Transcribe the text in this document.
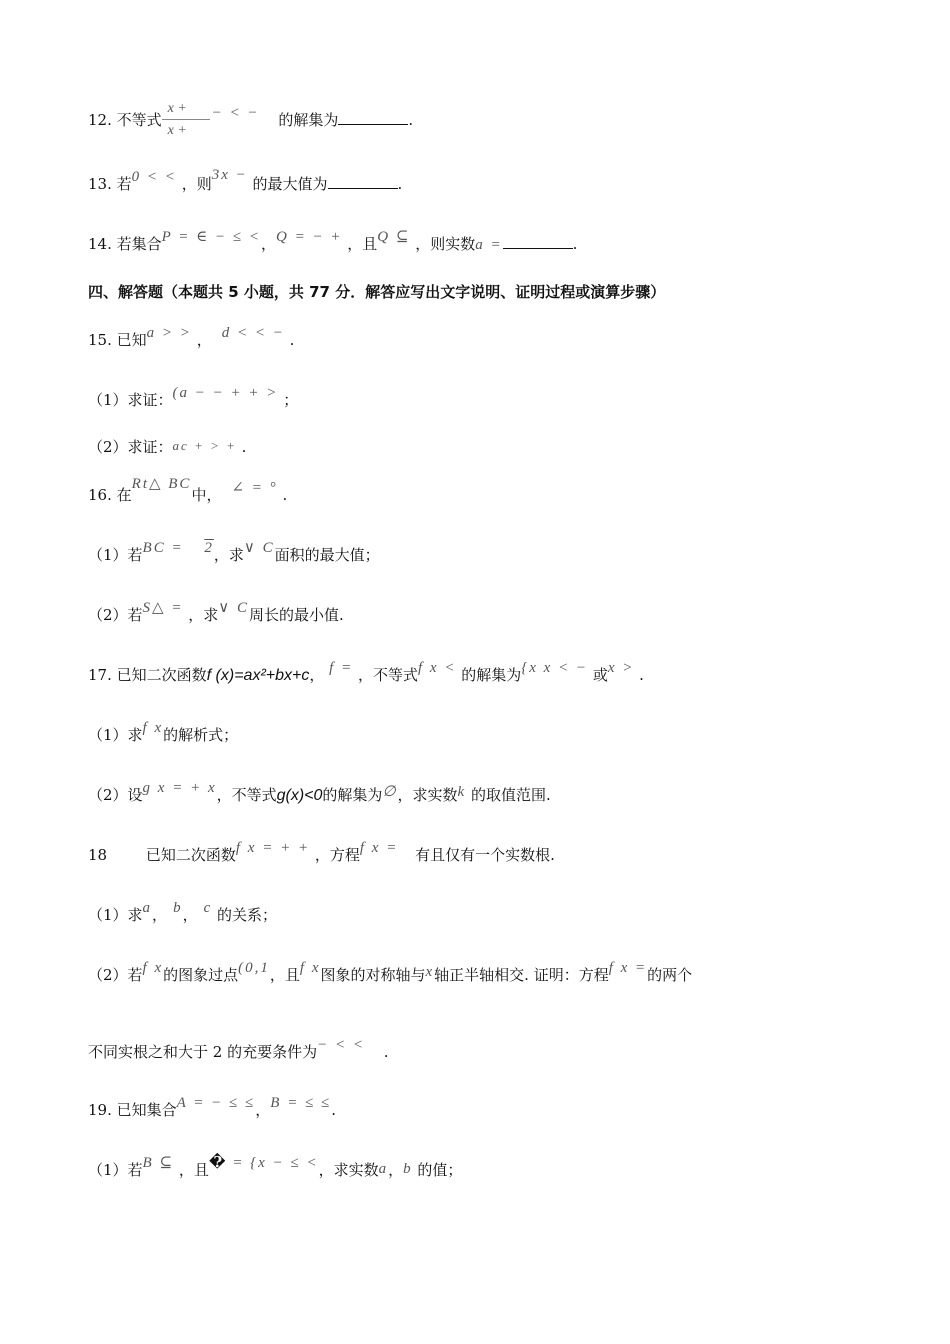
12. 不等式 $\frac{x +}{x +}$ − < − 的解集为	.
13. 若0 < < ，则3x − 的最大值为	.
14. 若集合P = ∈ − ≤ <，Q = − + ，且Q ⊆ ，则实数a =	.
四、解答题（本题共 5 小题，共 77 分．解答应写出文字说明、证明过程或演算步骤）
15. 已知a > > ， d < < − .
（1）求证：(a − − + + > ；
（2）求证：ac + > + .
16. 在Rt△ BC中， ∠ = ° .
（1）若BC = 2，求∨ C面积的最大值；
（2）若S△ = ，求∨ C周长的最小值.
17. 已知二次函数f (x)=ax²+bx+c， f = ，不等式f x < 的解集为{x x < − 或x > .
（1）求f x的解析式；
（2）设g x = + x，不等式g(x)<0的解集为∅，求实数k 的取值范围.
18	已知二次函数f x = + + ，方程f x = 有且仅有一个实数根.
（1）求a， b， c 的关系；
（2）若f x的图象过点(0,1，且f x图象的对称轴与x轴正半轴相交. 证明：方程f x =的两个
不同实根之和大于 2 的充要条件为− < < .
19. 已知集合A = − ≤ ≤，B = ≤ ≤.
（1）若B ⊆ ，且� = {x − ≤ <，求实数a，b 的值；
